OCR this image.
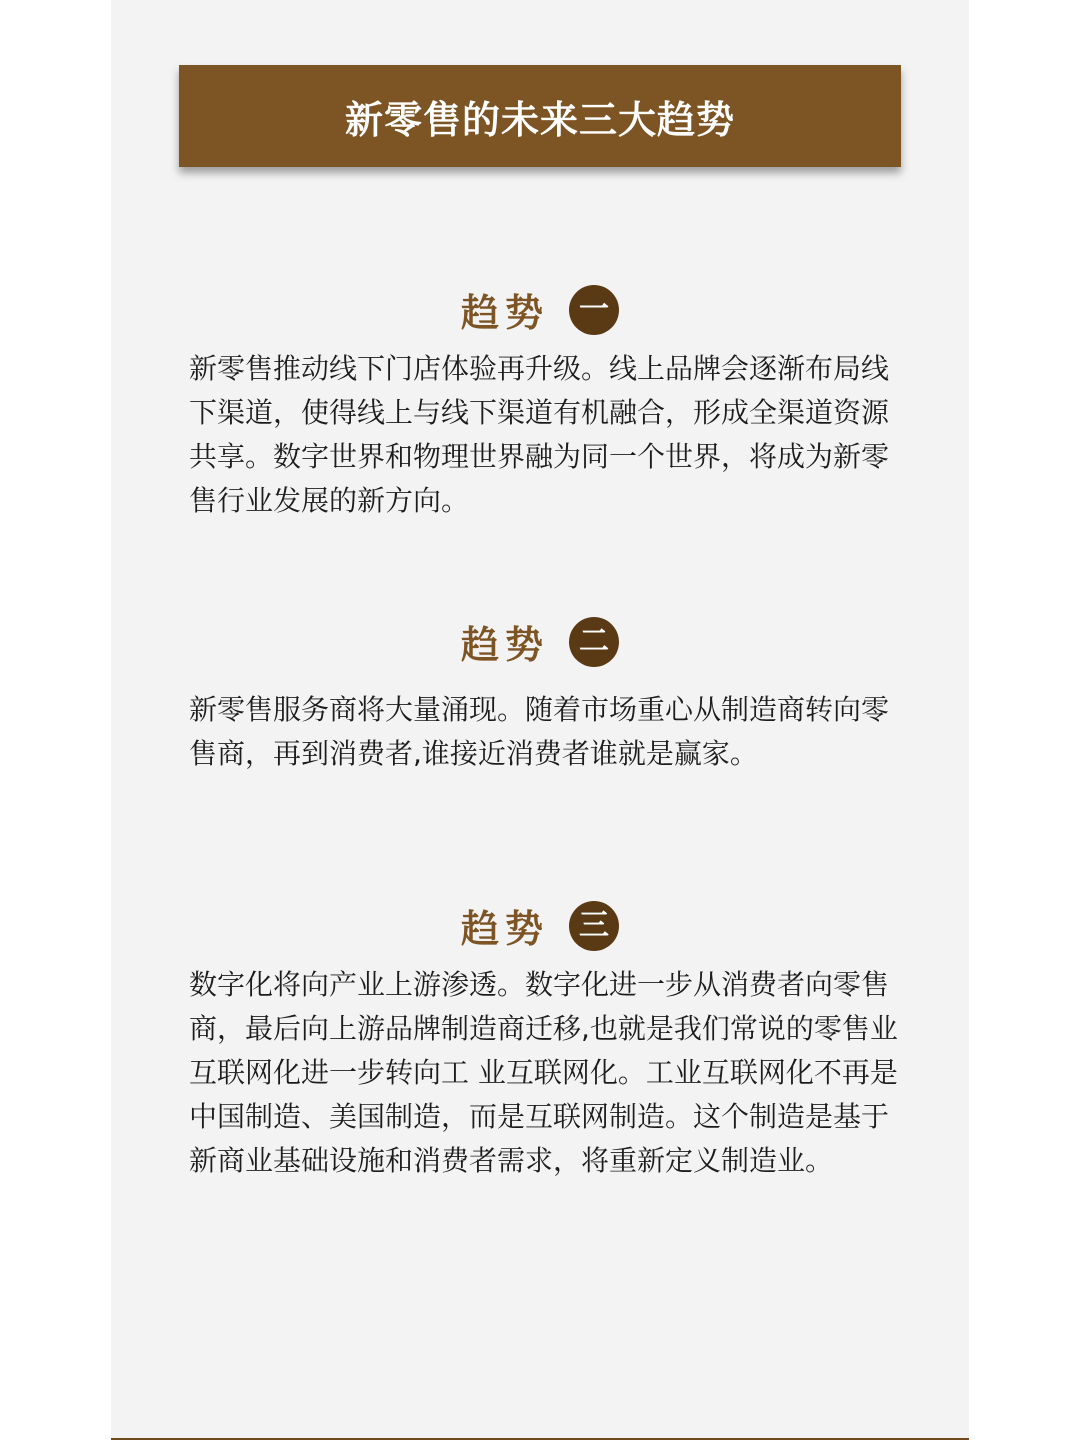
新零售的未来三大趋势
趋势	一

新零售推动线下门店体验再升级。线上品牌会逐渐布局线下渠道，使得线上与线下渠道有机融合，形成全渠道资源共享。数字世界和物理世界融为同一个世界，将成为新零售行业发展的新方向。

趋势	二

新零售服务商将大量涌现。随着市场重心从制造商转向零售商，再到消费者,谁接近消费者谁就是赢家。

趋势	三

数字化将向产业上游渗透。数字化进一步从消费者向零售商，最后向上游品牌制造商迁移,也就是我们常说的零售业互联网化进一步转向工 业互联网化。工业互联网化不再是中国制造、美国制造，而是互联网制造。这个制造是基于新商业基础设施和消费者需求，将重新定义制造业。
